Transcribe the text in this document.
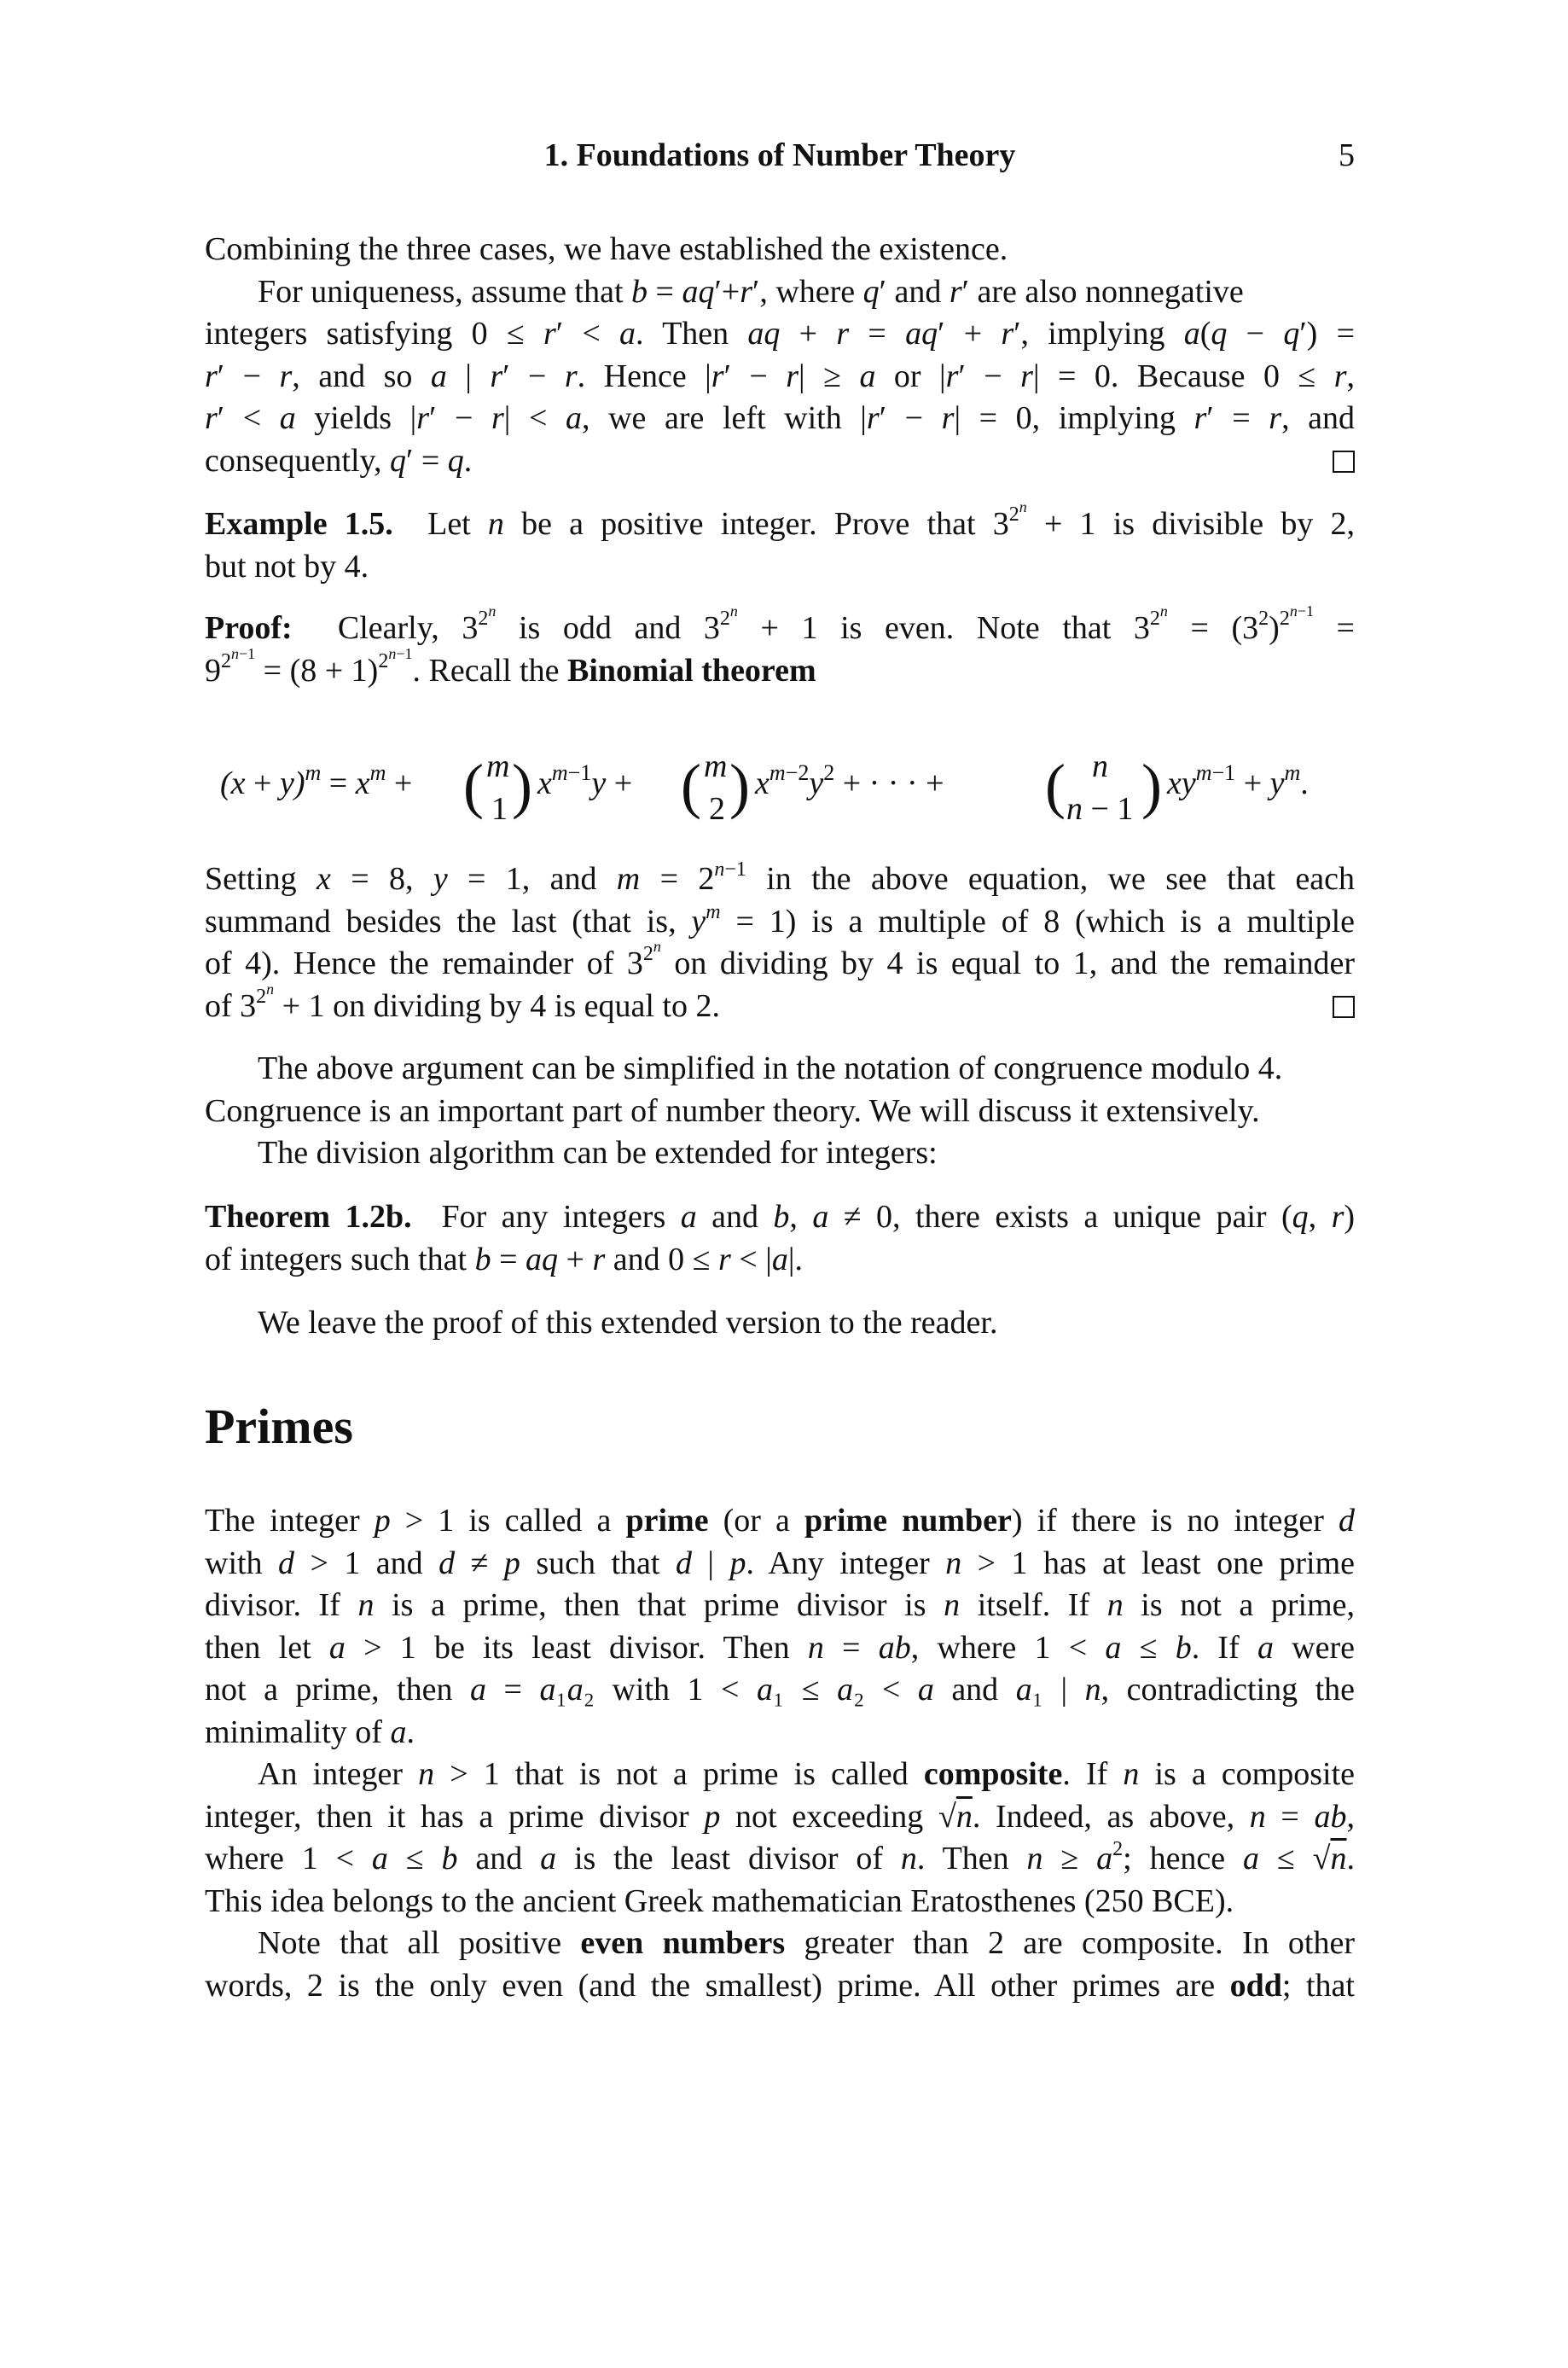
1. Foundations of Number Theory	5

Combining the three cases, we have established the existence.

For uniqueness, assume that b = aq′+r′, where q′ and r′ are also nonnegative

integers satisfying 0 ≤ r′ < a. Then aq + r = aq′ + r′, implying a(q − q′) =

r′ − r, and so a | r′ − r. Hence |r′ − r| ≥ a or |r′ − r| = 0. Because 0 ≤ r,

r′ < a yields |r′ − r| < a, we are left with |r′ − r| = 0, implying r′ = r, and

consequently, q′ = q.

Example 1.5.  Let n be a positive integer. Prove that $3^{2^n} + 1$ is divisible by 2,

but not by 4.

Proof:  Clearly, $3^{2^n}$ is odd and $3^{2^n} + 1$ is even. Note that $3^{2^n} = (3^2)^{2^{n-1}}$ =

$9^{2^{n-1}} = (8 + 1)^{2^{n-1}}$. Recall the Binomial theorem

$(x + y)^m = x^m$ + ( m
1 ) $x^{m-1}y$ + ( m
2 ) $x^{m-2}y^2$ + · · · + ( n
n − 1 ) $xy^{m-1} + y^m$.

Setting x = 8, y = 1, and $m = 2^{n-1}$ in the above equation, we see that each

summand besides the last (that is, $y^m = 1$) is a multiple of 8 (which is a multiple

of 4). Hence the remainder of $3^{2^n}$ on dividing by 4 is equal to 1, and the remainder

of $3^{2^n} + 1$ on dividing by 4 is equal to 2.

The above argument can be simplified in the notation of congruence modulo 4.

Congruence is an important part of number theory. We will discuss it extensively.

The division algorithm can be extended for integers:

Theorem 1.2b.  For any integers a and b, a ≠ 0, there exists a unique pair (q, r)

of integers such that b = aq + r and 0 ≤ r < |a|.

We leave the proof of this extended version to the reader.

Primes

The integer p > 1 is called a prime (or a prime number) if there is no integer d

with d > 1 and d ≠ p such that d | p. Any integer n > 1 has at least one prime

divisor. If n is a prime, then that prime divisor is n itself. If n is not a prime,

then let a > 1 be its least divisor. Then n = ab, where 1 < a ≤ b. If a were

not a prime, then a = a₁a₂ with 1 < a₁ ≤ a₂ < a and a₁ | n, contradicting the

minimality of a.

An integer n > 1 that is not a prime is called composite. If n is a composite

integer, then it has a prime divisor p not exceeding √n. Indeed, as above, n = ab,

where 1 < a ≤ b and a is the least divisor of n. Then $n \ge a^2$; hence a ≤ √n.

This idea belongs to the ancient Greek mathematician Eratosthenes (250 BCE).

Note that all positive even numbers greater than 2 are composite. In other

words, 2 is the only even (and the smallest) prime. All other primes are odd; that
